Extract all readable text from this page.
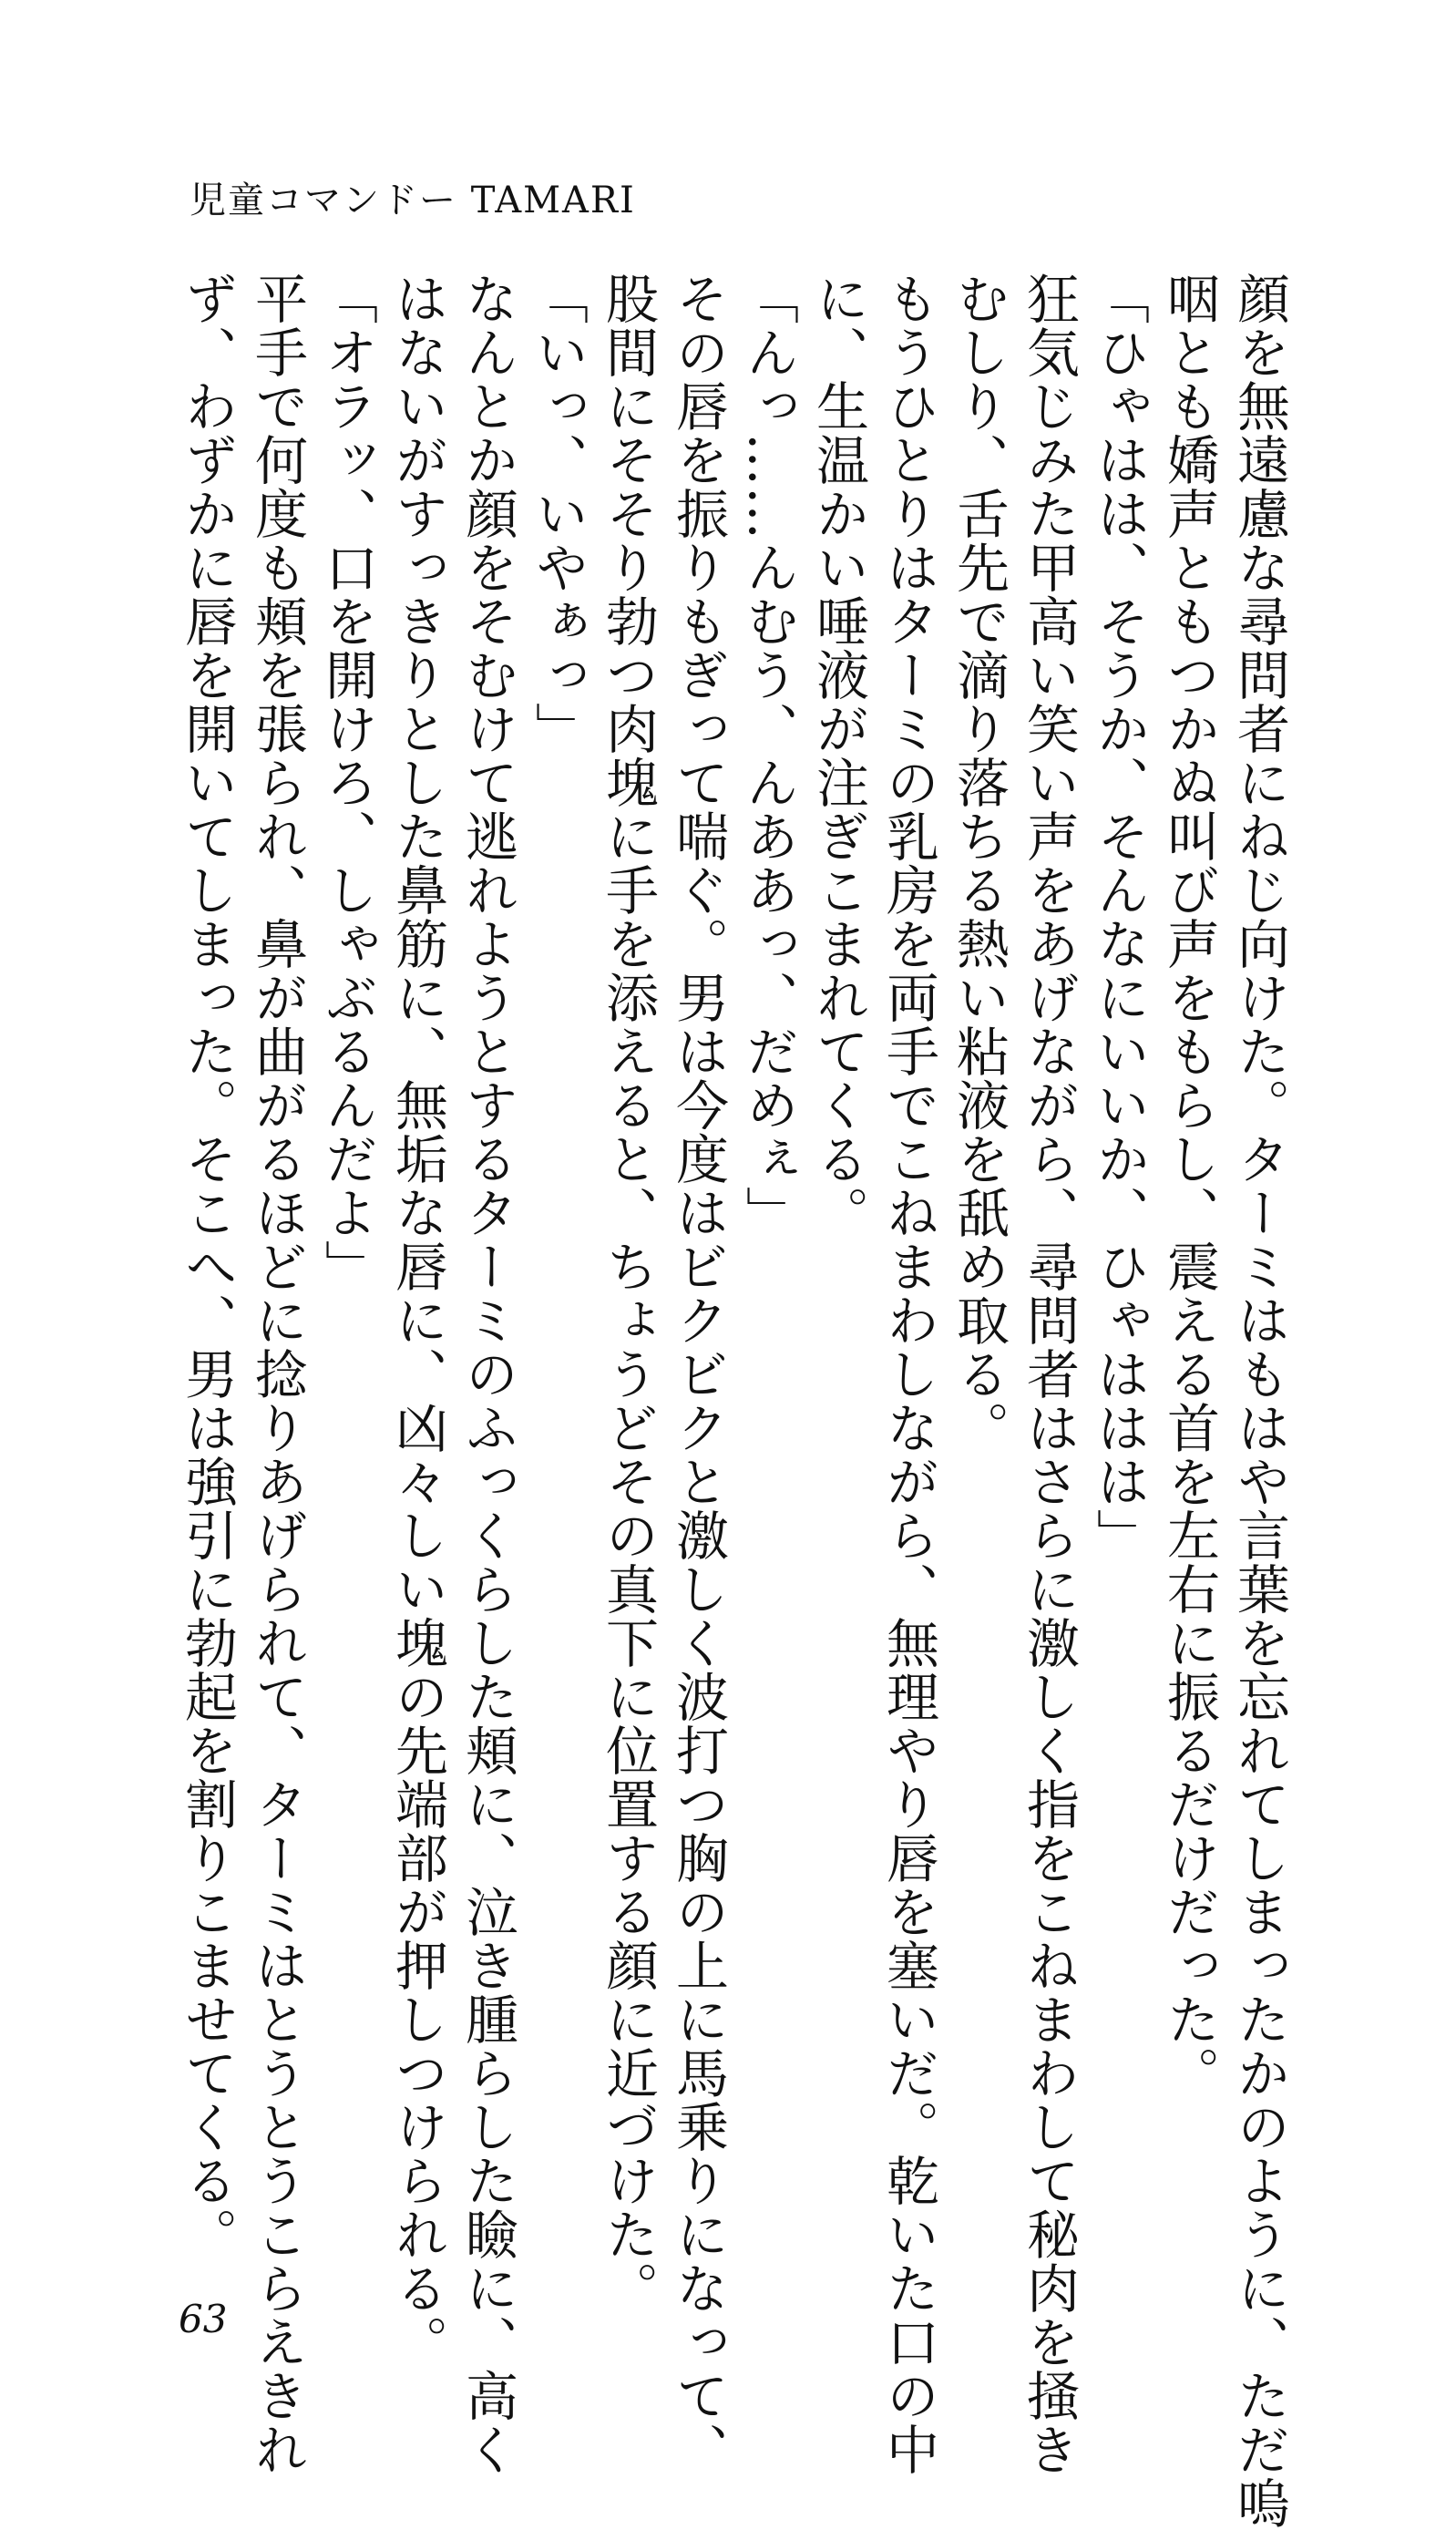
児童コマンドー TAMARI
顔を無遠慮な尋問者にねじ向けた。ターミはもはや言葉を忘れてしまったかのように、ただ嗚
咽とも嬌声ともつかぬ叫び声をもらし、震える首を左右に振るだけだった。
「ひゃはは、そうか、そんなにいいか、ひゃははは」
狂気じみた甲高い笑い声をあげながら、尋問者はさらに激しく指をこねまわして秘肉を掻き
むしり、舌先で滴り落ちる熱い粘液を舐め取る。
もうひとりはターミの乳房を両手でこねまわしながら、無理やり唇を塞いだ。乾いた口の中
に、生温かい唾液が注ぎこまれてくる。
「んっ……んむう、んああっ、だめぇ」
その唇を振りもぎって喘ぐ。男は今度はビクビクと激しく波打つ胸の上に馬乗りになって、
股間にそそり勃つ肉塊に手を添えると、ちょうどその真下に位置する顔に近づけた。
「いっ、いやぁっ」
なんとか顔をそむけて逃れようとするターミのふっくらした頬に、泣き腫らした瞼に、高く
はないがすっきりとした鼻筋に、無垢な唇に、凶々しい塊の先端部が押しつけられる。
「オラッ、口を開けろ、しゃぶるんだよ」
平手で何度も頬を張られ、鼻が曲がるほどに捻りあげられて、ターミはとうとうこらえきれ
ず、わずかに唇を開いてしまった。そこへ、男は強引に勃起を割りこませてくる。
63
